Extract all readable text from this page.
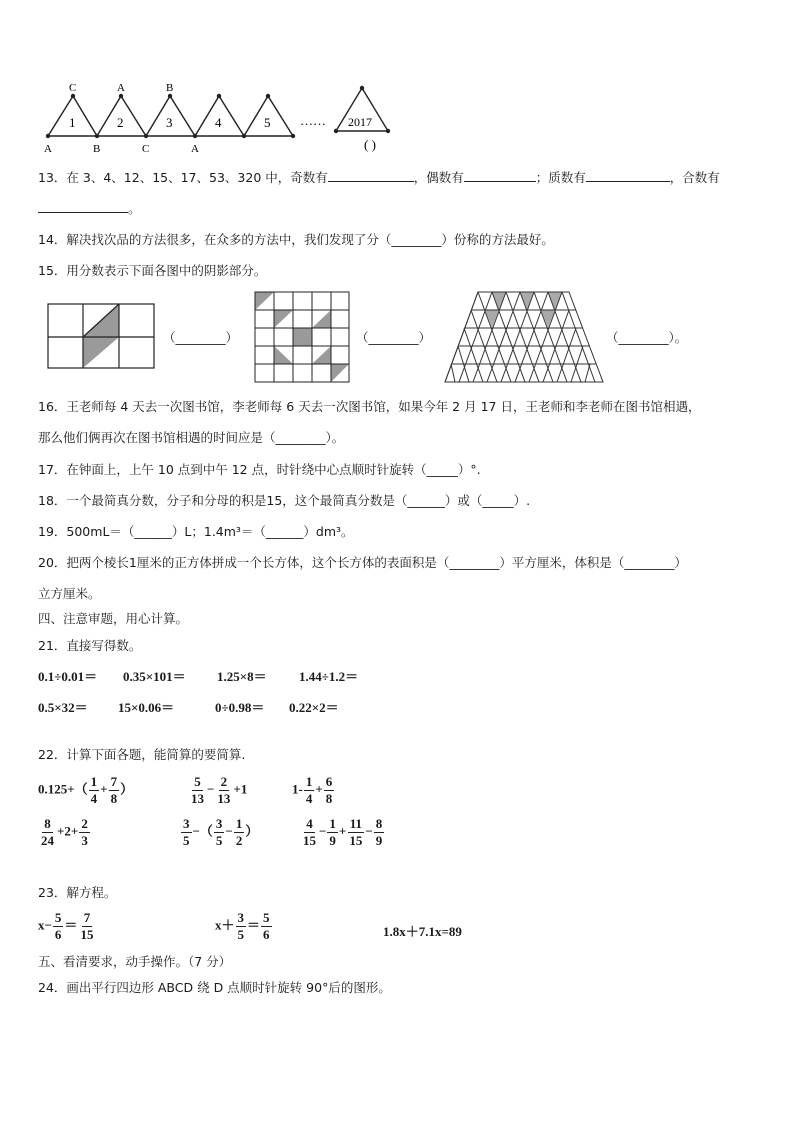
C	A	B
A	B	C	A
1	2	3	4	5 …… 2017
( )
13．在 3、4、12、15、17、53、320 中，奇数有	，偶数有	；质数有	，合数有
。
14．解决找次品的方法很多，在众多的方法中，我们发现了分（________）份称的方法最好。
15．用分数表示下面各图中的阴影部分。
（________）	（________）	（________）。
16．王老师每 4 天去一次图书馆，李老师每 6 天去一次图书馆，如果今年 2 月 17 日，王老师和李老师在图书馆相遇，
那么他们俩再次在图书馆相遇的时间应是（________）。
17．在钟面上，上午 10 点到中午 12 点，时针绕中心点顺时针旋转（_____）°.
18．一个最简真分数，分子和分母的积是15，这个最简真分数是（______）或（_____）.
19．500mL＝（______）L；1.4m³＝（______）dm³。
20．把两个棱长1厘米的正方体拼成一个长方体，这个长方体的表面积是（________）平方厘米，体积是（________）
立方厘米。
四、注意审题，用心计算。
21．直接写得数。
0.1÷0.01＝ 0.35×101＝ 1.25×8＝ 1.44÷1.2＝
0.5×32＝ 15×0.06＝	0÷0.98＝ 0.22×2＝
22．计算下面各题，能简算的要简算.
$0.125+( \frac{1}{4} + \frac{7}{8}$ ）	$\frac{5}{13} - \frac{2}{13} +1$	$1- \frac{1}{4} + \frac{6}{8}$
$\frac{8}{24} +2+ \frac{2}{3}$	$\frac{3}{5}$ −（ $\frac{3}{5} - \frac{1}{2}$ ）	$\frac{4}{15} - \frac{1}{9} + \frac{11}{15} - \frac{8}{9}$
23．解方程。
$x- \frac{5}{6} = \frac{7}{15}$	$x+ \frac{3}{5} = \frac{5}{6}$	1.8x＋7.1x=89
五、看清要求，动手操作。（7 分）
24．画出平行四边形 ABCD 绕 D 点顺时针旋转 90°后的图形。
